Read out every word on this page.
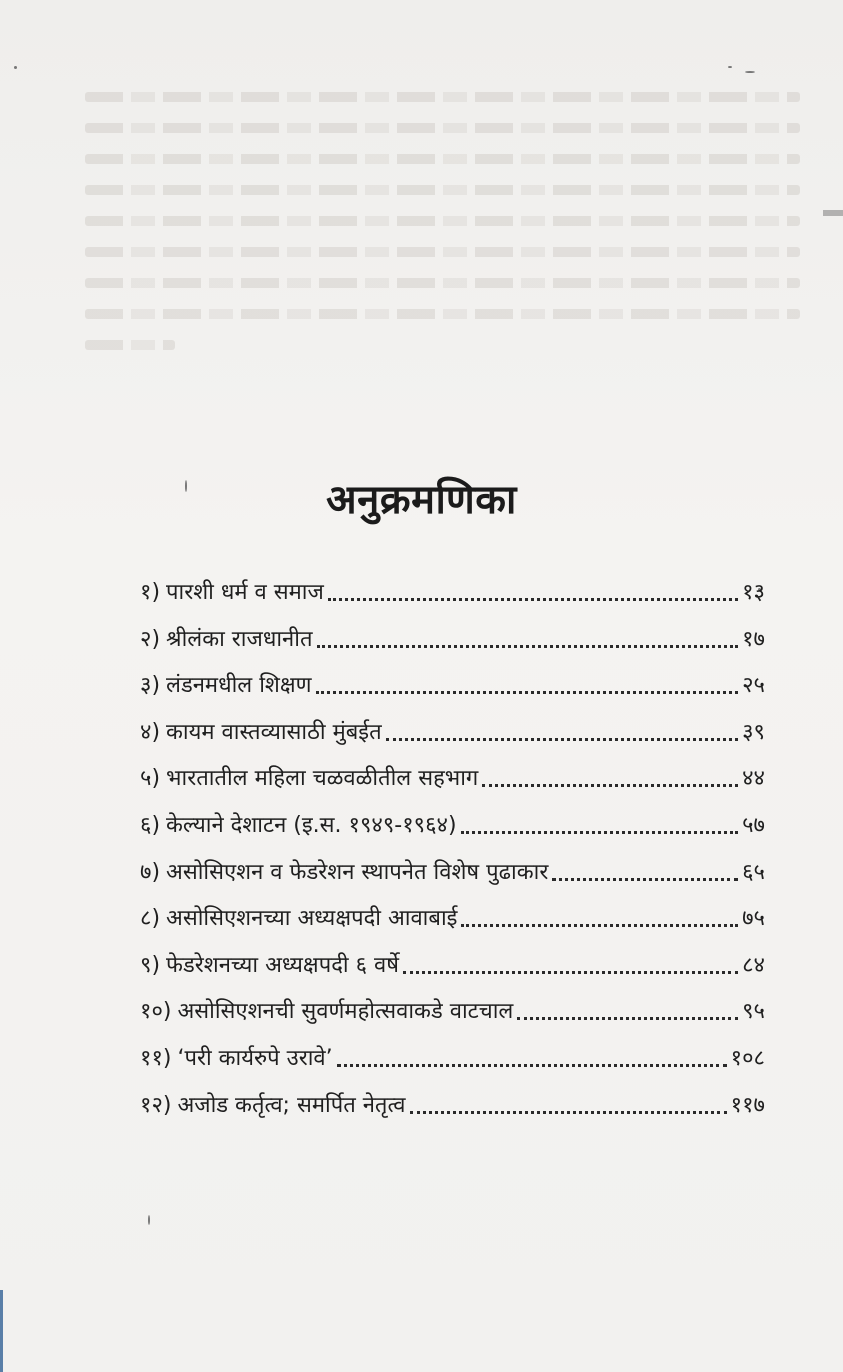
अनुक्रमणिका
१) पारशी धर्म व समाज	१३
२) श्रीलंका राजधानीत	१७
३) लंडनमधील शिक्षण	२५
४) कायम वास्तव्यासाठी मुंबईत	३९
५) भारतातील महिला चळवळीतील सहभाग	४४
६) केल्याने देशाटन (इ.स. १९४९-१९६४)	५७
७) असोसिएशन व फेडरेशन स्थापनेत विशेष पुढाकार	६५
८) असोसिएशनच्या अध्यक्षपदी आवाबाई	७५
९) फेडरेशनच्या अध्यक्षपदी ६ वर्षे	८४
१०) असोसिएशनची सुवर्णमहोत्सवाकडे वाटचाल	९५
११) ‘परी कार्यरुपे उरावे’	१०८
१२) अजोड कर्तृत्व; समर्पित नेतृत्व	११७
